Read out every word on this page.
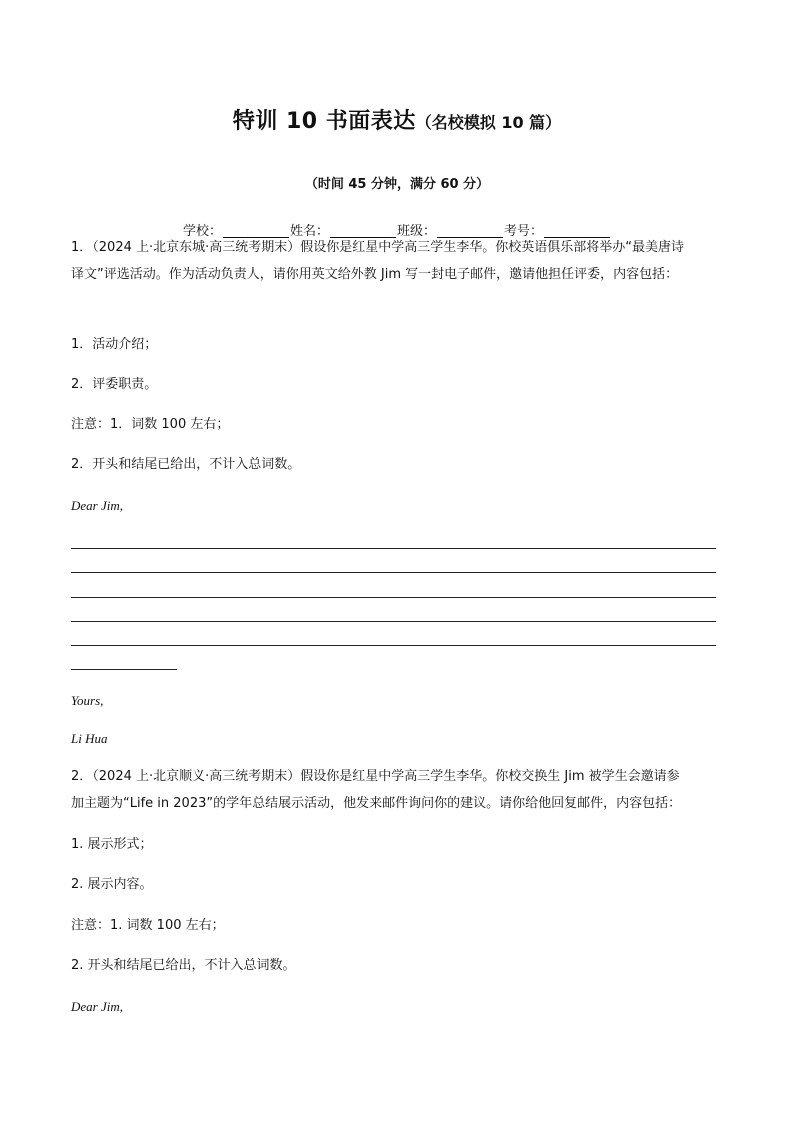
特训 10 书面表达（名校模拟 10 篇）
（时间 45 分钟，满分 60 分）
学校：	姓名：	班级：	考号：
1．（2024 上·北京东城·高三统考期末）假设你是红星中学高三学生李华。你校英语俱乐部将举办“最美唐诗
译文”评选活动。作为活动负责人，请你用英文给外教 Jim 写一封电子邮件，邀请他担任评委，内容包括：
1．活动介绍；
2．评委职责。
注意：1．词数 100 左右；
2．开头和结尾已给出，不计入总词数。
Dear Jim,
Yours,
Li Hua
2．（2024 上·北京顺义·高三统考期末）假设你是红星中学高三学生李华。你校交换生 Jim 被学生会邀请参
加主题为“Life in 2023”的学年总结展示活动，他发来邮件询问你的建议。请你给他回复邮件，内容包括：
1. 展示形式；
2. 展示内容。
注意：1. 词数 100 左右；
2. 开头和结尾已给出，不计入总词数。
Dear Jim,
